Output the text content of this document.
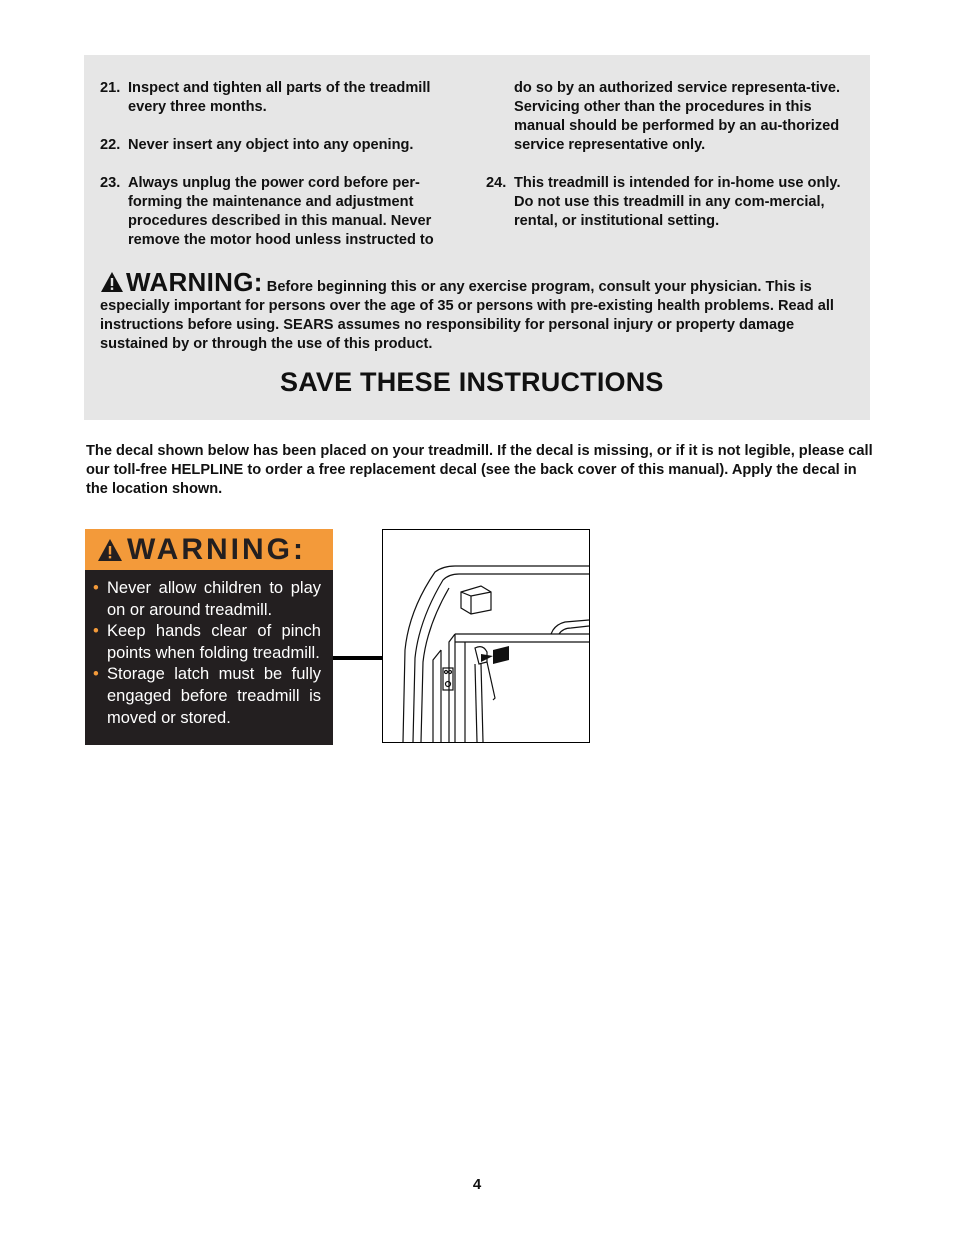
21. Inspect and tighten all parts of the treadmill every three months.
22. Never insert any object into any opening.
23. Always unplug the power cord before per-forming the maintenance and adjustment procedures described in this manual. Never remove the motor hood unless instructed to
do so by an authorized service representa-tive. Servicing other than the procedures in this manual should be performed by an au-thorized service representative only.
24. This treadmill is intended for in-home use only. Do not use this treadmill in any com-mercial, rental, or institutional setting.
WARNING: Before beginning this or any exercise program, consult your physician. This is especially important for persons over the age of 35 or persons with pre-existing health problems. Read all instructions before using. SEARS assumes no responsibility for personal injury or property damage sustained by or through the use of this product.
SAVE THESE INSTRUCTIONS
The decal shown below has been placed on your treadmill. If the decal is missing, or if it is not legible, please call our toll-free HELPLINE to order a free replacement decal (see the back cover of this manual). Apply the decal in the location shown.
WARNING:
• Never allow children to play on or around treadmill.
• Keep hands clear of pinch points when folding treadmill.
• Storage latch must be fully engaged before treadmill is moved or stored.
4
